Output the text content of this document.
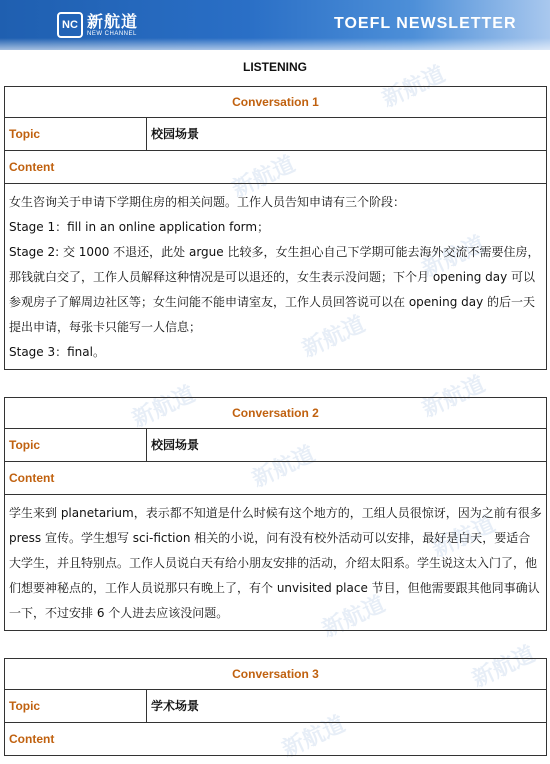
NC 新航道
NEW CHANNEL
TOEFL NEWSLETTER
LISTENING	新航道
新航道
新航道
新航道
新航道
新航道
新航道
新航道
新航道
新航道
新航道
Conversation 1
Topic	校园场景
Content

女生咨询关于申请下学期住房的相关问题。工作人员告知申请有三个阶段：

Stage 1：fill in an online application form；

Stage 2: 交 1000 不退还，此处 argue 比较多，女生担心自己下学期可能去海外交流不需要住房，那钱就白交了，工作人员解释这种情况是可以退还的，女生表示没问题；下个月 opening day 可以参观房子了解周边社区等；女生问能不能申请室友，工作人员回答说可以在 opening day 的后一天提出申请，每张卡只能写一人信息；

Stage 3：final。

Conversation 2
Topic	校园场景
Content

学生来到 planetarium，表示都不知道是什么时候有这个地方的，工组人员很惊讶，因为之前有很多 press 宣传。学生想写 sci-fiction 相关的小说，问有没有校外活动可以安排，最好是白天，要适合大学生，并且特别点。工作人员说白天有给小朋友安排的活动，介绍太阳系。学生说这太入门了，他们想要神秘点的，工作人员说那只有晚上了，有个 unvisited place 节目，但他需要跟其他同事确认一下，不过安排 6 个人进去应该没问题。

Conversation 3
Topic	学术场景
Content
